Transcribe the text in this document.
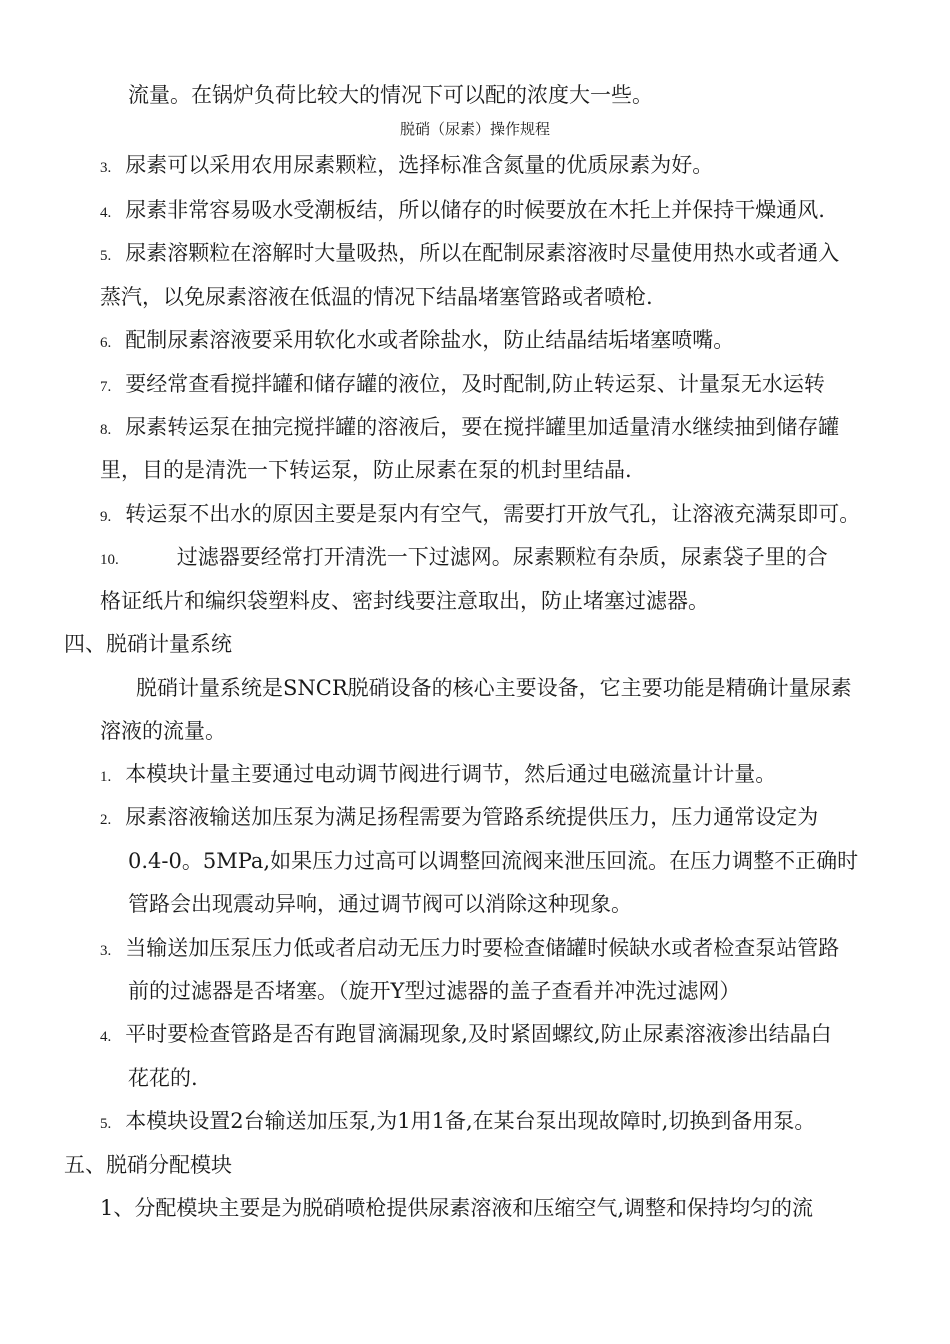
流量。在锅炉负荷比较大的情况下可以配的浓度大一些。
脱硝（尿素）操作规程
3. 尿素可以采用农用尿素颗粒，选择标准含氮量的优质尿素为好。
4. 尿素非常容易吸水受潮板结，所以储存的时候要放在木托上并保持干燥通风.
5. 尿素溶颗粒在溶解时大量吸热，所以在配制尿素溶液时尽量使用热水或者通入
蒸汽，以免尿素溶液在低温的情况下结晶堵塞管路或者喷枪.
6. 配制尿素溶液要采用软化水或者除盐水，防止结晶结垢堵塞喷嘴。
7. 要经常查看搅拌罐和储存罐的液位，及时配制,防止转运泵、计量泵无水运转
8. 尿素转运泵在抽完搅拌罐的溶液后，要在搅拌罐里加适量清水继续抽到储存罐
里，目的是清洗一下转运泵，防止尿素在泵的机封里结晶.
9. 转运泵不出水的原因主要是泵内有空气，需要打开放气孔，让溶液充满泵即可。
10.	过滤器要经常打开清洗一下过滤网。尿素颗粒有杂质，尿素袋子里的合
格证纸片和编织袋塑料皮、密封线要注意取出，防止堵塞过滤器。
四、脱硝计量系统
脱硝计量系统是SNCR脱硝设备的核心主要设备，它主要功能是精确计量尿素
溶液的流量。
1. 本模块计量主要通过电动调节阀进行调节，然后通过电磁流量计计量。
2. 尿素溶液输送加压泵为满足扬程需要为管路系统提供压力，压力通常设定为
0.4-0。5MPa,如果压力过高可以调整回流阀来泄压回流。在压力调整不正确时
管路会出现震动异响，通过调节阀可以消除这种现象。
3. 当输送加压泵压力低或者启动无压力时要检查储罐时候缺水或者检查泵站管路
前的过滤器是否堵塞。（旋开Y型过滤器的盖子查看并冲洗过滤网）
4. 平时要检查管路是否有跑冒滴漏现象,及时紧固螺纹,防止尿素溶液渗出结晶白
花花的.
5. 本模块设置2台输送加压泵,为1用1备,在某台泵出现故障时,切换到备用泵。
五、脱硝分配模块
1、分配模块主要是为脱硝喷枪提供尿素溶液和压缩空气,调整和保持均匀的流
